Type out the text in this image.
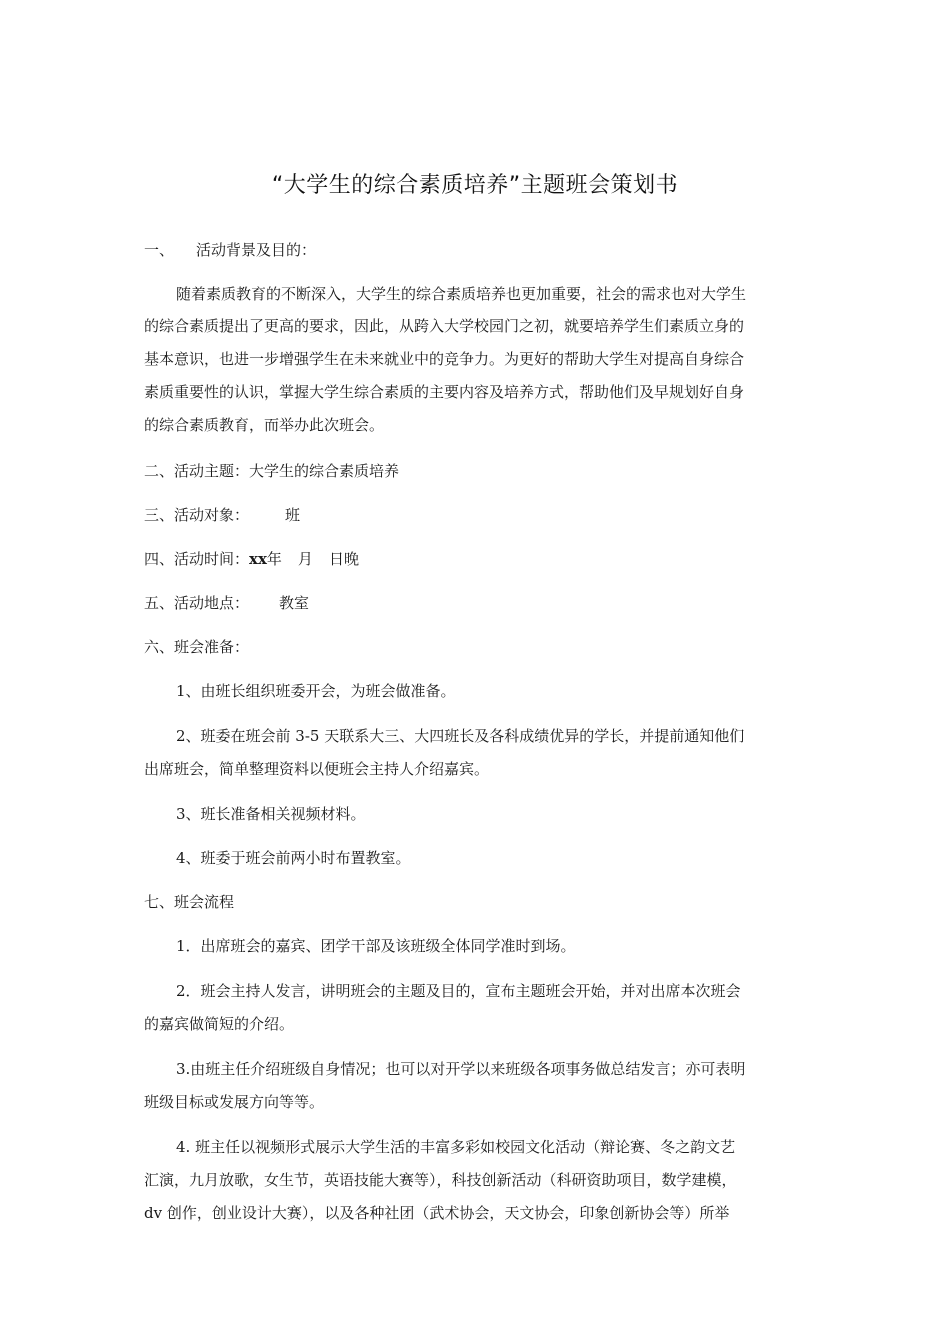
“大学生的综合素质培养”主题班会策划书
一、 活动背景及目的：
随着素质教育的不断深入，大学生的综合素质培养也更加重要，社会的需求也对大学生
的综合素质提出了更高的要求，因此，从跨入大学校园门之初，就要培养学生们素质立身的
基本意识，也进一步增强学生在未来就业中的竞争力。为更好的帮助大学生对提高自身综合
素质重要性的认识，掌握大学生综合素质的主要内容及培养方式，帮助他们及早规划好自身
的综合素质教育，而举办此次班会。
二、活动主题：大学生的综合素质培养
三、活动对象： 班
四、活动时间：xx年 月 日晚
五、活动地点： 教室
六、班会准备：
1、由班长组织班委开会，为班会做准备。
2、班委在班会前 3-5 天联系大三、大四班长及各科成绩优异的学长，并提前通知他们
出席班会，简单整理资料以便班会主持人介绍嘉宾。
3、班长准备相关视频材料。
4、班委于班会前两小时布置教室。
七、班会流程
1．出席班会的嘉宾、团学干部及该班级全体同学准时到场。
2．班会主持人发言，讲明班会的主题及目的，宣布主题班会开始，并对出席本次班会
的嘉宾做简短的介绍。
3.由班主任介绍班级自身情况；也可以对开学以来班级各项事务做总结发言；亦可表明
班级目标或发展方向等等。
4. 班主任以视频形式展示大学生活的丰富多彩如校园文化活动（辩论赛、冬之韵文艺
汇演，九月放歌，女生节，英语技能大赛等），科技创新活动（科研资助项目，数学建模，
dv 创作，创业设计大赛），以及各种社团（武术协会，天文协会，印象创新协会等）所举
